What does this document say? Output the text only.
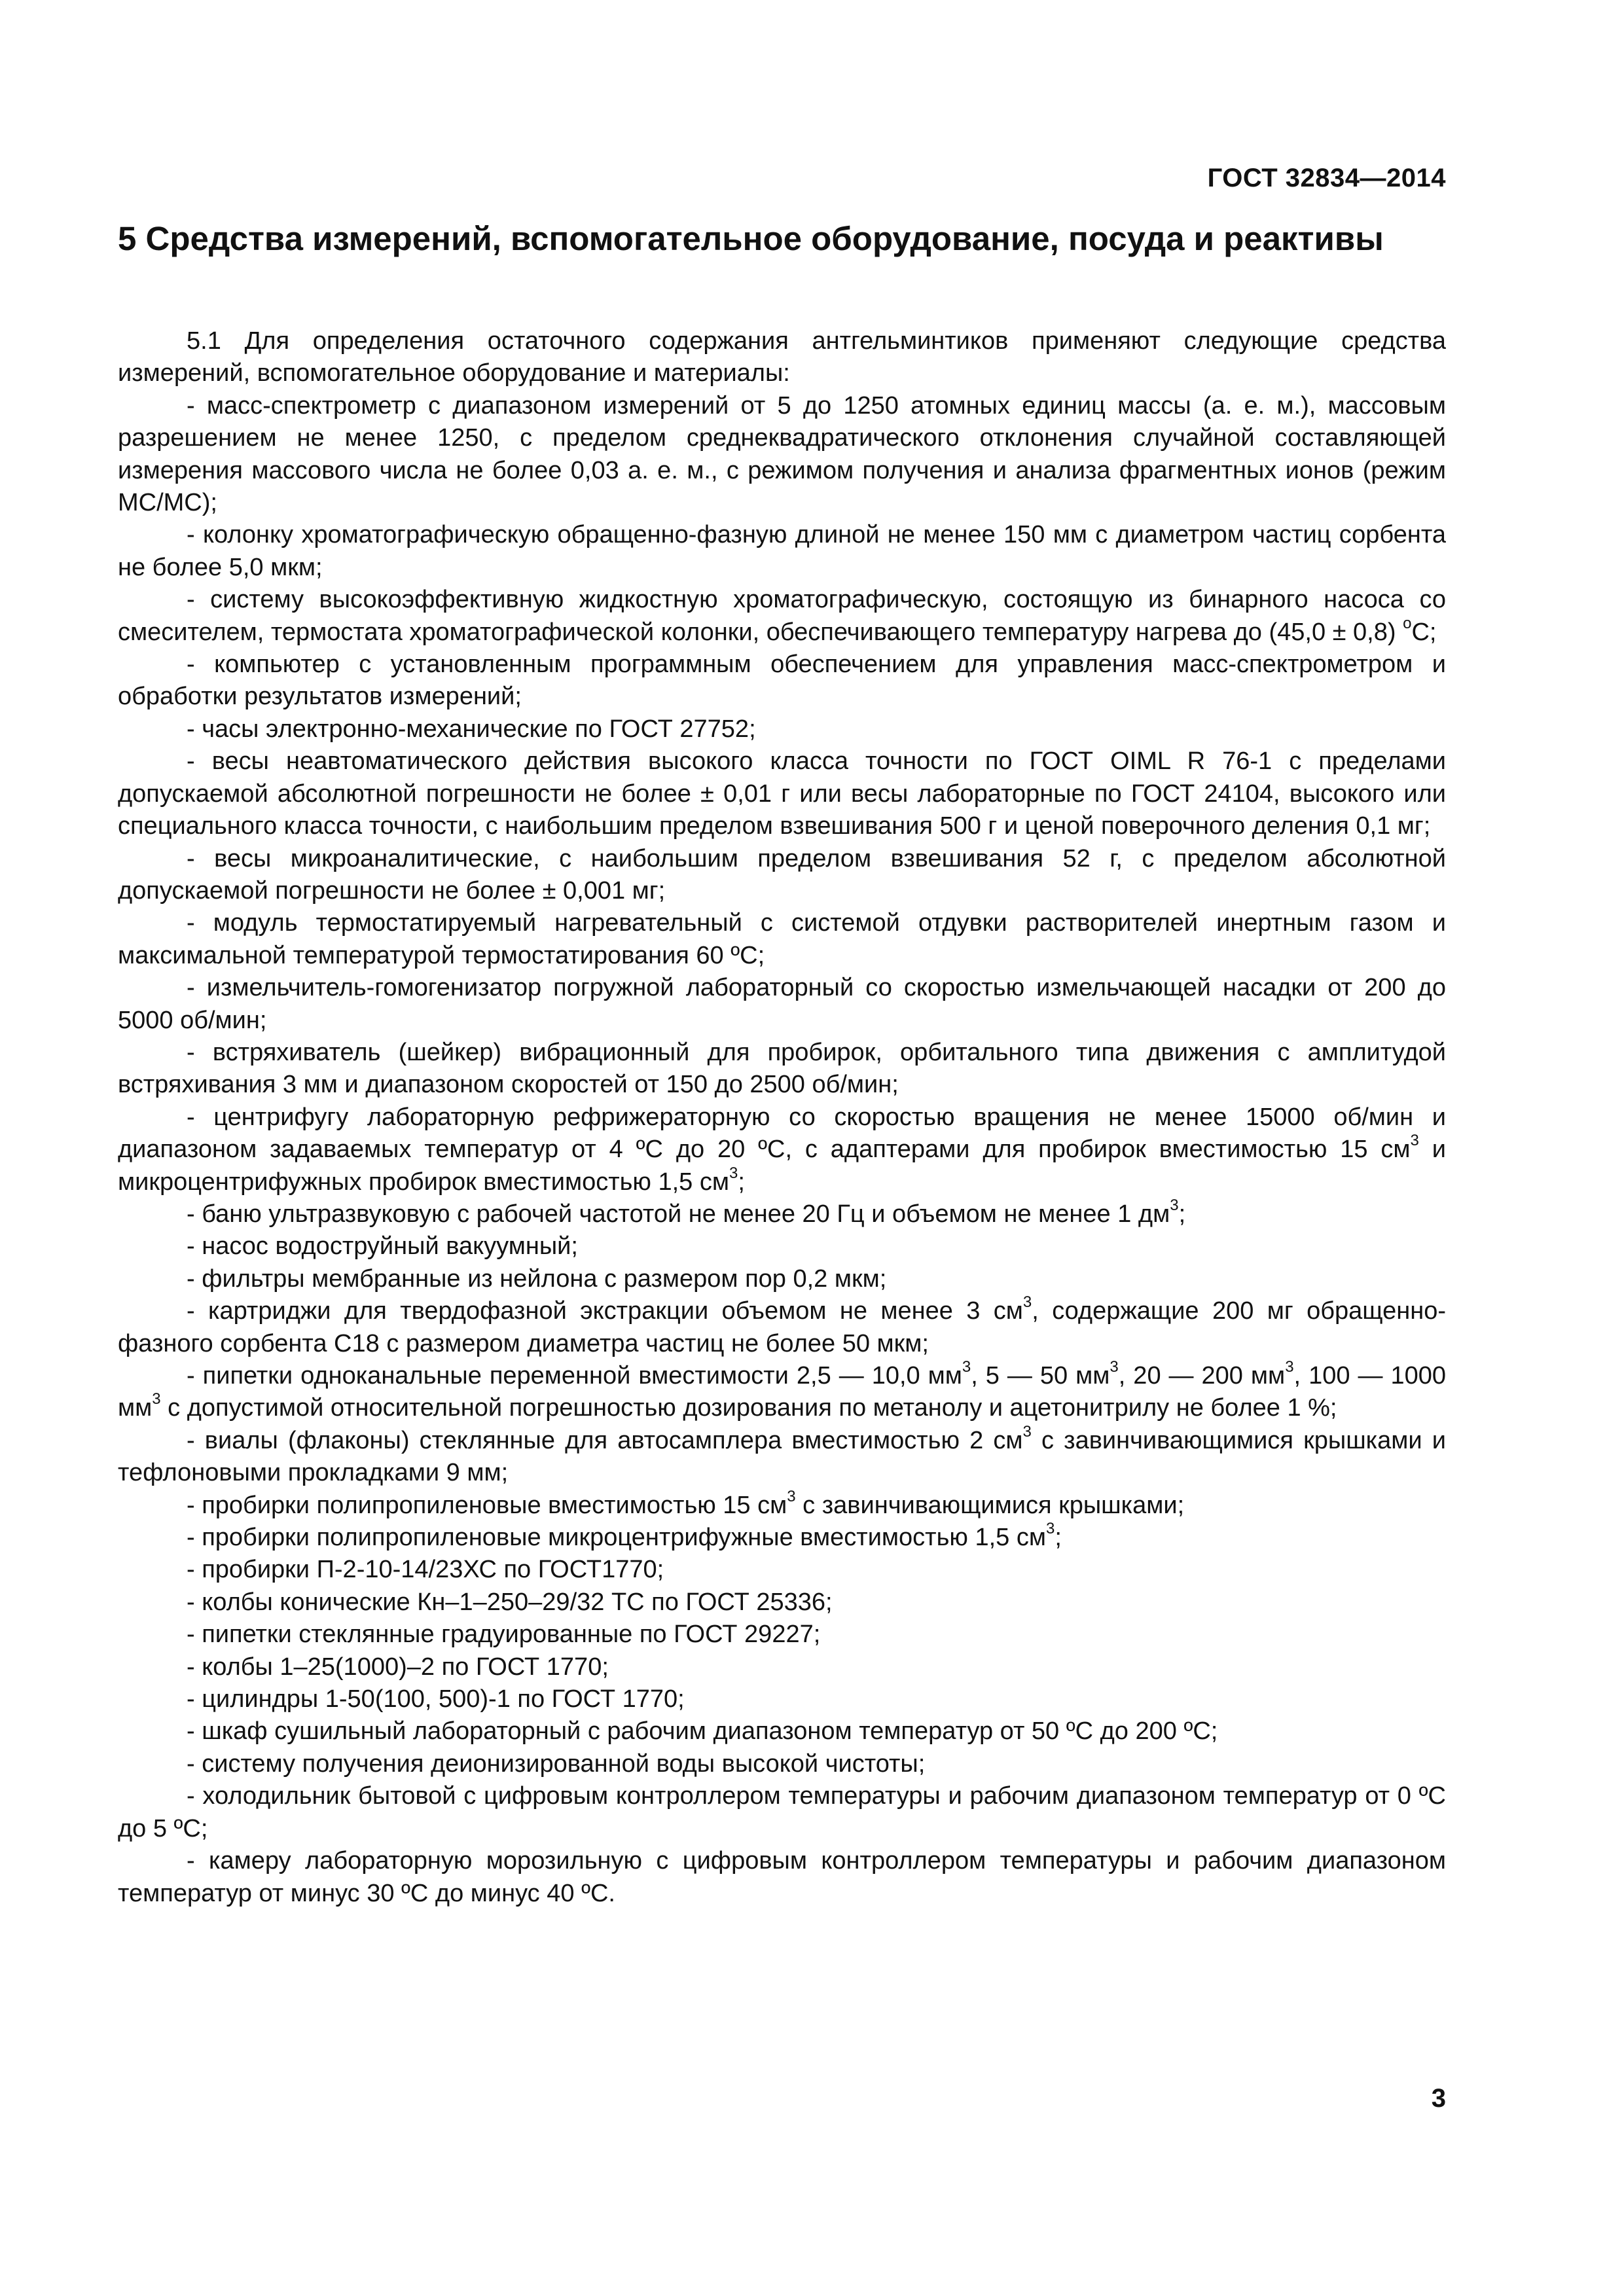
ГОСТ 32834—2014
5 Средства измерений, вспомогательное оборудование, посуда и реактивы

5.1 Для определения остаточного содержания антгельминтиков применяют следующие средства измерений, вспомогательное оборудование и материалы:

- масс-спектрометр с диапазоном измерений от 5 до 1250 атомных единиц массы (а. е. м.), массовым разрешением не менее 1250, с пределом среднеквадратического отклонения случайной составляющей измерения массового числа не более 0,03 а. е. м., с режимом получения и анализа фрагментных ионов (режим МС/МС);

- колонку хроматографическую обращенно-фазную длиной не менее 150 мм с диаметром частиц сорбента не более 5,0 мкм;

- систему высокоэффективную жидкостную хроматографическую, состоящую из бинарного насоса со смесителем, термостата хроматографической колонки, обеспечивающего температуру нагрева до (45,0 ± 0,8) $^о$С;

- компьютер с установленным программным обеспечением для управления масс-спектрометром и обработки результатов измерений;

- часы электронно-механические по ГОСТ 27752;

- весы неавтоматического действия высокого класса точности по ГОСТ OIML R 76-1 с пределами допускаемой абсолютной погрешности не более ± 0,01 г или весы лабораторные по ГОСТ 24104, высокого или специального класса точности, с наибольшим пределом взвешивания 500 г и ценой поверочного деления 0,1 мг;

- весы микроаналитические, с наибольшим пределом взвешивания 52 г, с пределом абсолютной допускаемой погрешности не более ± 0,001 мг;

- модуль термостатируемый нагревательный с системой отдувки растворителей инертным газом и максимальной температурой термостатирования 60 ºС;

- измельчитель-гомогенизатор погружной лабораторный со скоростью измельчающей насадки от 200 до 5000 об/мин;

- встряхиватель (шейкер) вибрационный для пробирок, орбитального типа движения с амплитудой встряхивания 3 мм и диапазоном скоростей от 150 до 2500 об/мин;

- центрифугу лабораторную рефрижераторную со скоростью вращения не менее 15000 об/мин и диапазоном задаваемых температур от 4 ºС до 20 ºС, с адаптерами для пробирок вместимостью 15 $см^3$ и микроцентрифужных пробирок вместимостью 1,5 $см^3$;

- баню ультразвуковую с рабочей частотой не менее 20 Гц и объемом не менее 1 $дм^3$;

- насос водоструйный вакуумный;

- фильтры мембранные из нейлона с размером пор 0,2 мкм;

- картриджи для твердофазной экстракции объемом не менее 3 $см^3$, содержащие 200 мг обращенно-фазного сорбента С18 с размером диаметра частиц не более 50 мкм;

- пипетки одноканальные переменной вместимости 2,5 — 10,0 $мм^3$, 5 — 50 $мм^3$, 20 — 200 $мм^3$, 100 — 1000 $мм^3$ с допустимой относительной погрешностью дозирования по метанолу и ацетонитрилу не более 1 %;

- виалы (флаконы) стеклянные для автосамплера вместимостью 2 $см^3$ с завинчивающимися крышками и тефлоновыми прокладками 9 мм;

- пробирки полипропиленовые вместимостью 15 $см^3$ с завинчивающимися крышками;

- пробирки полипропиленовые микроцентрифужные вместимостью 1,5 $см^3$;

- пробирки П-2-10-14/23ХС по ГОСТ1770;

- колбы конические Кн–1–250–29/32 ТС по ГОСТ 25336;

- пипетки стеклянные градуированные по ГОСТ 29227;

- колбы 1–25(1000)–2 по ГОСТ 1770;

- цилиндры 1-50(100, 500)-1 по ГОСТ 1770;

- шкаф сушильный лабораторный с рабочим диапазоном температур от 50 ºС до 200 ºС;

- систему получения деионизированной воды высокой чистоты;

- холодильник бытовой с цифровым контроллером температуры и рабочим диапазоном температур от 0 ºС до 5 ºС;

- камеру лабораторную морозильную с цифровым контроллером температуры и рабочим диапазоном температур от минус 30 ºС до минус 40 ºС.

3
